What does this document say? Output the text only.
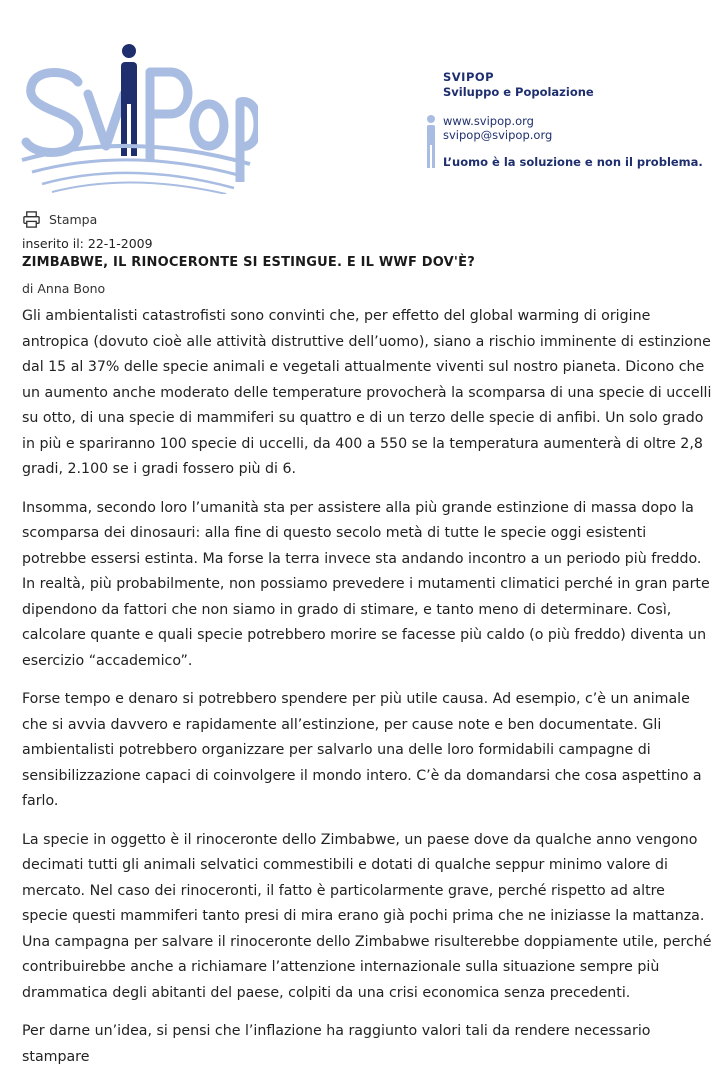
SVIPOP
Sviluppo e Popolazione
www.svipop.org
svipop@svipop.org
L’uomo è la soluzione e non il problema.
Stampa
inserito il: 22-1-2009
ZIMBABWE, IL RINOCERONTE SI ESTINGUE. E IL WWF DOV'È?
di Anna Bono

Gli ambientalisti catastrofisti sono convinti che, per effetto del global warming di origine antropica (dovuto cioè alle attività distruttive dell’uomo), siano a rischio imminente di estinzione dal 15 al 37% delle specie animali e vegetali attualmente viventi sul nostro pianeta. Dicono che un aumento anche moderato delle temperature provocherà la scomparsa di una specie di uccelli su otto, di una specie di mammiferi su quattro e di un terzo delle specie di anfibi. Un solo grado in più e spariranno 100 specie di uccelli, da 400 a 550 se la temperatura aumenterà di oltre 2,8 gradi, 2.100 se i gradi fossero più di 6.

Insomma, secondo loro l’umanità sta per assistere alla più grande estinzione di massa dopo la scomparsa dei dinosauri: alla fine di questo secolo metà di tutte le specie oggi esistenti potrebbe essersi estinta. Ma forse la terra invece sta andando incontro a un periodo più freddo. In realtà, più probabilmente, non possiamo prevedere i mutamenti climatici perché in gran parte dipendono da fattori che non siamo in grado di stimare, e tanto meno di determinare. Così, calcolare quante e quali specie potrebbero morire se facesse più caldo (o più freddo) diventa un esercizio “accademico”.

Forse tempo e denaro si potrebbero spendere per più utile causa. Ad esempio, c’è un animale che si avvia davvero e rapidamente all’estinzione, per cause note e ben documentate. Gli ambientalisti potrebbero organizzare per salvarlo una delle loro formidabili campagne di sensibilizzazione capaci di coinvolgere il mondo intero. C’è da domandarsi che cosa aspettino a farlo.

La specie in oggetto è il rinoceronte dello Zimbabwe, un paese dove da qualche anno vengono decimati tutti gli animali selvatici commestibili e dotati di qualche seppur minimo valore di mercato. Nel caso dei rinoceronti, il fatto è particolarmente grave, perché rispetto ad altre specie questi mammiferi tanto presi di mira erano già pochi prima che ne iniziasse la mattanza. Una campagna per salvare il rinoceronte dello Zimbabwe risulterebbe doppiamente utile, perché contribuirebbe anche a richiamare l’attenzione internazionale sulla situazione sempre più drammatica degli abitanti del paese, colpiti da una crisi economica senza precedenti.

Per darne un’idea, si pensi che l’inflazione ha raggiunto valori tali da rendere necessario stampare
